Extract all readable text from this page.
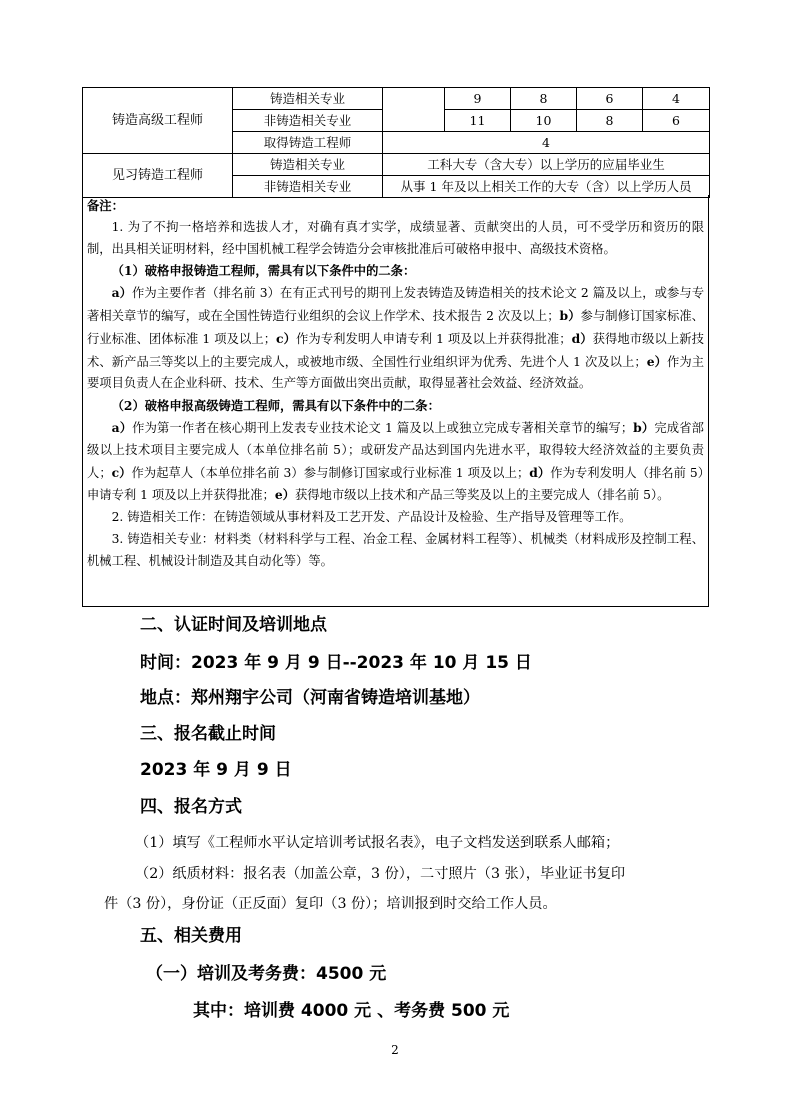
铸造高级工程师	铸造相关专业		9	8	6	4
	非铸造相关专业		11	10	8	6
	取得铸造工程师	4				
见习铸造工程师	铸造相关专业	工科大专（含大专）以上学历的应届毕业生				
	非铸造相关专业	从事 1 年及以上相关工作的大专（含）以上学历人员				

备注：

1. 为了不拘一格培养和选拔人才，对确有真才实学，成绩显著、贡献突出的人员，可不受学历和资历的限制，出具相关证明材料，经中国机械工程学会铸造分会审核批准后可破格申报中、高级技术资格。

（1）破格申报铸造工程师，需具有以下条件中的二条：

a）作为主要作者（排名前 3）在有正式刊号的期刊上发表铸造及铸造相关的技术论文 2 篇及以上，或参与专著相关章节的编写，或在全国性铸造行业组织的会议上作学术、技术报告 2 次及以上；b）参与制修订国家标准、行业标准、团体标准 1 项及以上；c）作为专利发明人申请专利 1 项及以上并获得批准；d）获得地市级以上新技术、新产品三等奖以上的主要完成人，或被地市级、全国性行业组织评为优秀、先进个人 1 次及以上；e）作为主要项目负责人在企业科研、技术、生产等方面做出突出贡献，取得显著社会效益、经济效益。

（2）破格申报高级铸造工程师，需具有以下条件中的二条：

a）作为第一作者在核心期刊上发表专业技术论文 1 篇及以上或独立完成专著相关章节的编写；b）完成省部级以上技术项目主要完成人（本单位排名前 5）；或研发产品达到国内先进水平，取得较大经济效益的主要负责人；c）作为起草人（本单位排名前 3）参与制修订国家或行业标准 1 项及以上；d）作为专利发明人（排名前 5）申请专利 1 项及以上并获得批准；e）获得地市级以上技术和产品三等奖及以上的主要完成人（排名前 5）。

2. 铸造相关工作：在铸造领域从事材料及工艺开发、产品设计及检验、生产指导及管理等工作。

3. 铸造相关专业：材料类（材料科学与工程、冶金工程、金属材料工程等）、机械类（材料成形及控制工程、机械工程、机械设计制造及其自动化等）等。

二、认证时间及培训地点
时间：2023 年 9 月 9 日--2023 年 10 月 15 日
地点：郑州翔宇公司（河南省铸造培训基地）
三、报名截止时间
2023 年 9 月 9 日
四、报名方式
（1）填写《工程师水平认定培训考试报名表》，电子文档发送到联系人邮箱；
（2）纸质材料：报名表（加盖公章，3 份），二寸照片（3 张），毕业证书复印
件（3 份），身份证（正反面）复印（3 份）；培训报到时交给工作人员。
五、相关费用
（一）培训及考务费：4500 元
其中：培训费 4000 元 、考务费 500 元
2
